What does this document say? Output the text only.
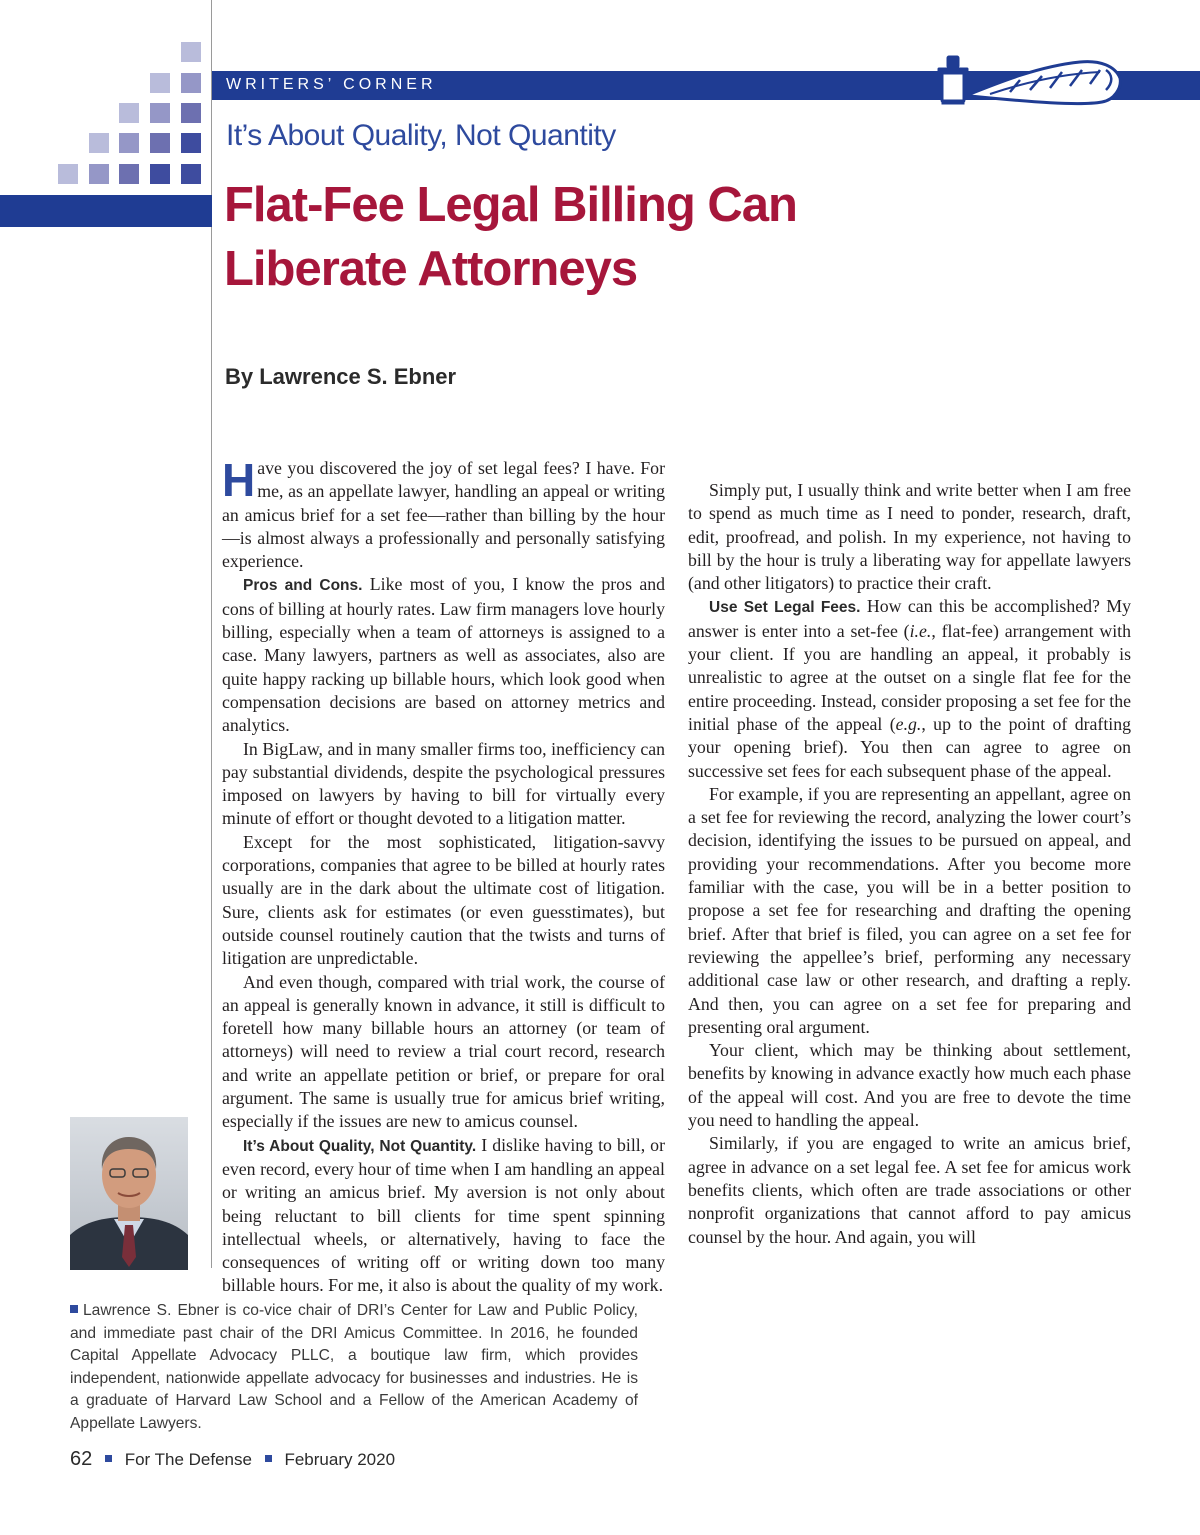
WRITERS’ CORNER
It’s About Quality, Not Quantity
Flat-Fee Legal Billing Can
Liberate Attorneys
By Lawrence S. Ebner

Have you discovered the joy of set legal fees? I have. For me, as an appellate lawyer, handling an appeal or writing an amicus brief for a set fee—rather than billing by the hour—is almost always a professionally and personally satisfying experience.

Pros and Cons. Like most of you, I know the pros and cons of billing at hourly rates. Law firm managers love hourly billing, especially when a team of attorneys is assigned to a case. Many lawyers, partners as well as associates, also are quite happy racking up billable hours, which look good when compensation decisions are based on attorney metrics and analytics.

In BigLaw, and in many smaller firms too, inefficiency can pay substantial dividends, despite the psychological pressures imposed on lawyers by having to bill for virtually every minute of effort or thought devoted to a litigation matter.

Except for the most sophisticated, litigation-savvy corporations, companies that agree to be billed at hourly rates usually are in the dark about the ultimate cost of litigation. Sure, clients ask for estimates (or even guesstimates), but outside counsel routinely caution that the twists and turns of litigation are unpredictable.

And even though, compared with trial work, the course of an appeal is generally known in advance, it still is difficult to foretell how many billable hours an attorney (or team of attorneys) will need to review a trial court record, research and write an appellate petition or brief, or prepare for oral argument. The same is usually true for amicus brief writing, especially if the issues are new to amicus counsel.

It’s About Quality, Not Quantity. I dislike having to bill, or even record, every hour of time when I am handling an appeal or writing an amicus brief. My aversion is not only about being reluctant to bill clients for time spent spinning intellectual wheels, or alternatively, having to face the consequences of writing off or writing down too many billable hours. For me, it also is about the quality of my work.

Simply put, I usually think and write better when I am free to spend as much time as I need to ponder, research, draft, edit, proofread, and polish. In my experience, not having to bill by the hour is truly a liberating way for appellate lawyers (and other litigators) to practice their craft.

Use Set Legal Fees. How can this be accomplished? My answer is enter into a set-fee (i.e., flat-fee) arrangement with your client. If you are handling an appeal, it probably is unrealistic to agree at the outset on a single flat fee for the entire proceeding. Instead, consider proposing a set fee for the initial phase of the appeal (e.g., up to the point of drafting your opening brief). You then can agree to agree on successive set fees for each subsequent phase of the appeal.

For example, if you are representing an appellant, agree on a set fee for reviewing the record, analyzing the lower court’s decision, identifying the issues to be pursued on appeal, and providing your recommendations. After you become more familiar with the case, you will be in a better position to propose a set fee for researching and drafting the opening brief. After that brief is filed, you can agree on a set fee for reviewing the appellee’s brief, performing any necessary additional case law or other research, and drafting a reply. And then, you can agree on a set fee for preparing and presenting oral argument.

Your client, which may be thinking about settlement, benefits by knowing in advance exactly how much each phase of the appeal will cost. And you are free to devote the time you need to handling the appeal.

Similarly, if you are engaged to write an amicus brief, agree in advance on a set legal fee. A set fee for amicus work benefits clients, which often are trade associations or other nonprofit organizations that cannot afford to pay amicus counsel by the hour. And again, you will

Lawrence S. Ebner is co-vice chair of DRI’s Center for Law and Public Policy, and immediate past chair of the DRI Amicus Committee. In 2016, he founded Capital Appellate Advocacy PLLC, a boutique law firm, which provides independent, nationwide appellate advocacy for businesses and industries. He is a graduate of Harvard Law School and a Fellow of the American Academy of Appellate Lawyers.
62 For The Defense February 2020
